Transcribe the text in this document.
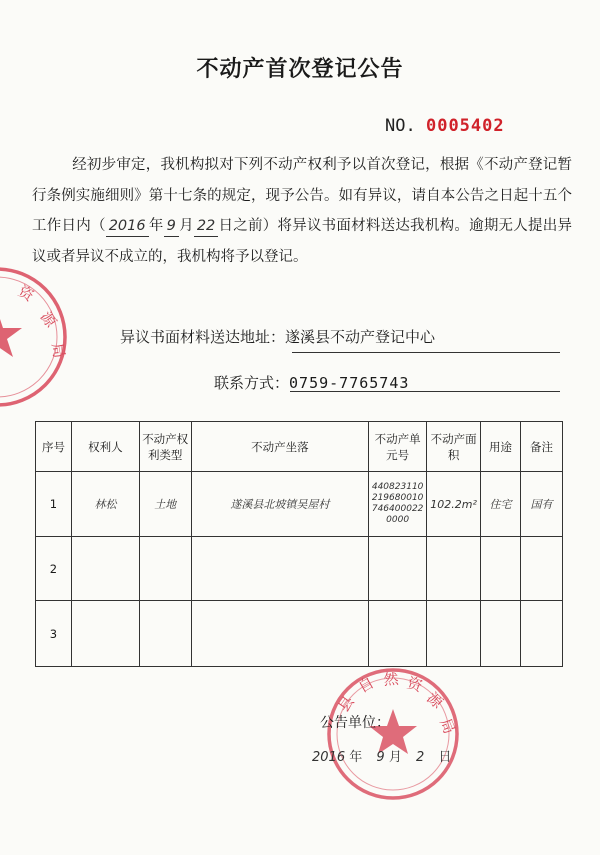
不动产首次登记公告
NO. 0005402
经初步审定，我机构拟对下列不动产权利予以首次登记，根据《不动产登记暂行条例实施细则》第十七条的规定，现予公告。如有异议，请自本公告之日起十五个工作日内（ 2016 年 9 月 22 日之前）将异议书面材料送达我机构。逾期无人提出异议或者异议不成立的，我机构将予以登记。
异议书面材料送达地址：遂溪县不动产登记中心
联系方式：0759-7765743
序号	权利人	不动产权利类型	不动产坐落	不动产单元号	不动产面 积	用途	备注
1	林松	土地	遂溪县北坡镇吴屋村	440823110
219680010
746400022
0000	102.2m²	住宅	国有
2							
3							
资
源
局
县
自 然 资
源
局
公告单位：
2016 年 9 月 2 日
